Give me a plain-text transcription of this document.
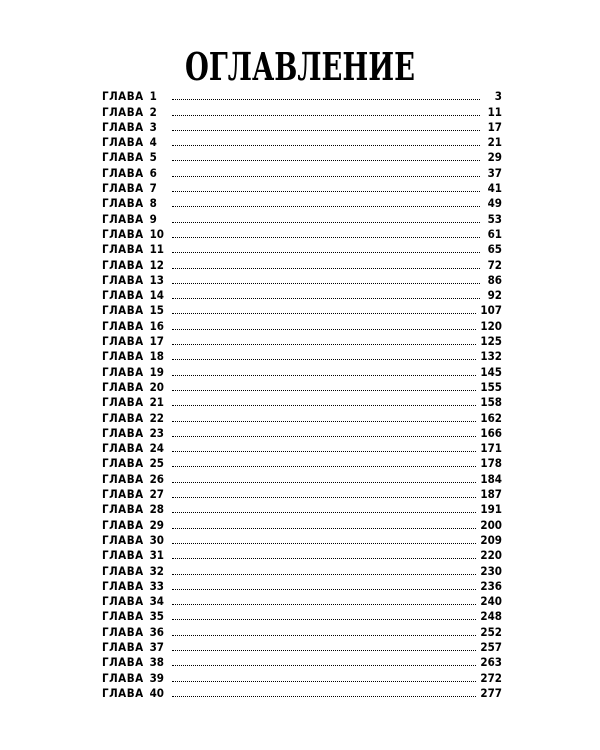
ОГЛАВЛЕНИЕ
ГЛАВА 1	3
ГЛАВА 2	11
ГЛАВА 3	17
ГЛАВА 4	21
ГЛАВА 5	29
ГЛАВА 6	37
ГЛАВА 7	41
ГЛАВА 8	49
ГЛАВА 9	53
ГЛАВА 10	61
ГЛАВА 11	65
ГЛАВА 12	72
ГЛАВА 13	86
ГЛАВА 14	92
ГЛАВА 15	107
ГЛАВА 16	120
ГЛАВА 17	125
ГЛАВА 18	132
ГЛАВА 19	145
ГЛАВА 20	155
ГЛАВА 21	158
ГЛАВА 22	162
ГЛАВА 23	166
ГЛАВА 24	171
ГЛАВА 25	178
ГЛАВА 26	184
ГЛАВА 27	187
ГЛАВА 28	191
ГЛАВА 29	200
ГЛАВА 30	209
ГЛАВА 31	220
ГЛАВА 32	230
ГЛАВА 33	236
ГЛАВА 34	240
ГЛАВА 35	248
ГЛАВА 36	252
ГЛАВА 37	257
ГЛАВА 38	263
ГЛАВА 39	272
ГЛАВА 40	277
